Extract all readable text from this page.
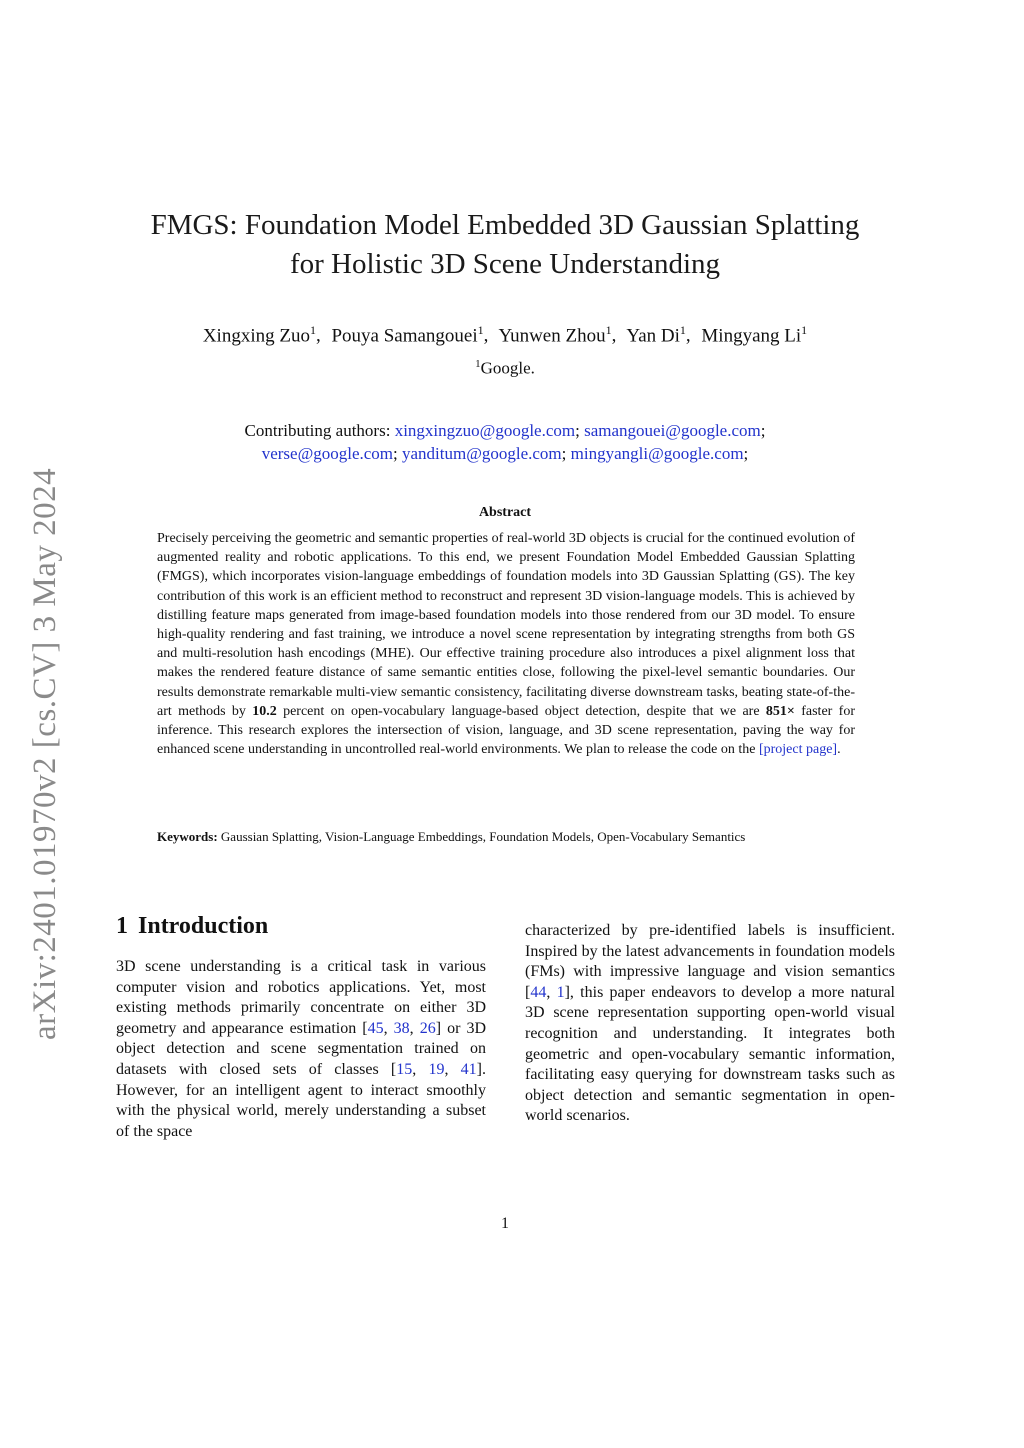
arXiv:2401.01970v2 [cs.CV] 3 May 2024
FMGS: Foundation Model Embedded 3D Gaussian Splatting
for Holistic 3D Scene Understanding
Xingxing Zuo$^1$, Pouya Samangouei$^1$, Yunwen Zhou$^1$, Yan Di$^1$, Mingyang Li$^1$
$^1$Google.
Contributing authors: xingxingzuo@google.com; samangouei@google.com;
verse@google.com; yanditum@google.com; mingyangli@google.com;
Abstract
Precisely perceiving the geometric and semantic properties of real-world 3D objects is crucial for the continued evolution of augmented reality and robotic applications. To this end, we present Foundation Model Embedded Gaussian Splatting (FMGS), which incorporates vision-language embeddings of foundation models into 3D Gaussian Splatting (GS). The key contribution of this work is an efficient method to reconstruct and represent 3D vision-language models. This is achieved by distilling feature maps generated from image-based foundation models into those rendered from our 3D model. To ensure high-quality rendering and fast training, we introduce a novel scene representation by integrating strengths from both GS and multi-resolution hash encodings (MHE). Our effective training procedure also introduces a pixel alignment loss that makes the rendered feature distance of same semantic entities close, following the pixel-level semantic boundaries. Our results demonstrate remarkable multi-view semantic consistency, facilitating diverse downstream tasks, beating state-of-the-art methods by 10.2 percent on open-vocabulary language-based object detection, despite that we are 851× faster for inference. This research explores the intersection of vision, language, and 3D scene representation, paving the way for enhanced scene understanding in uncontrolled real-world environments. We plan to release the code on the [project page].
Keywords: Gaussian Splatting, Vision-Language Embeddings, Foundation Models, Open-Vocabulary Semantics
1 Introduction
3D scene understanding is a critical task in various computer vision and robotics applications. Yet, most existing methods primarily concentrate on either 3D geometry and appearance estimation [45, 38, 26] or 3D object detection and scene segmentation trained on datasets with closed sets of classes [15, 19, 41]. However, for an intelligent agent to interact smoothly with the physical world, merely understanding a subset of the space
characterized by pre-identified labels is insufficient. Inspired by the latest advancements in foundation models (FMs) with impressive language and vision semantics [44, 1], this paper endeavors to develop a more natural 3D scene representation supporting open-world visual recognition and understanding. It integrates both geometric and open-vocabulary semantic information, facilitating easy querying for downstream tasks such as object detection and semantic segmentation in open-world scenarios.
1
